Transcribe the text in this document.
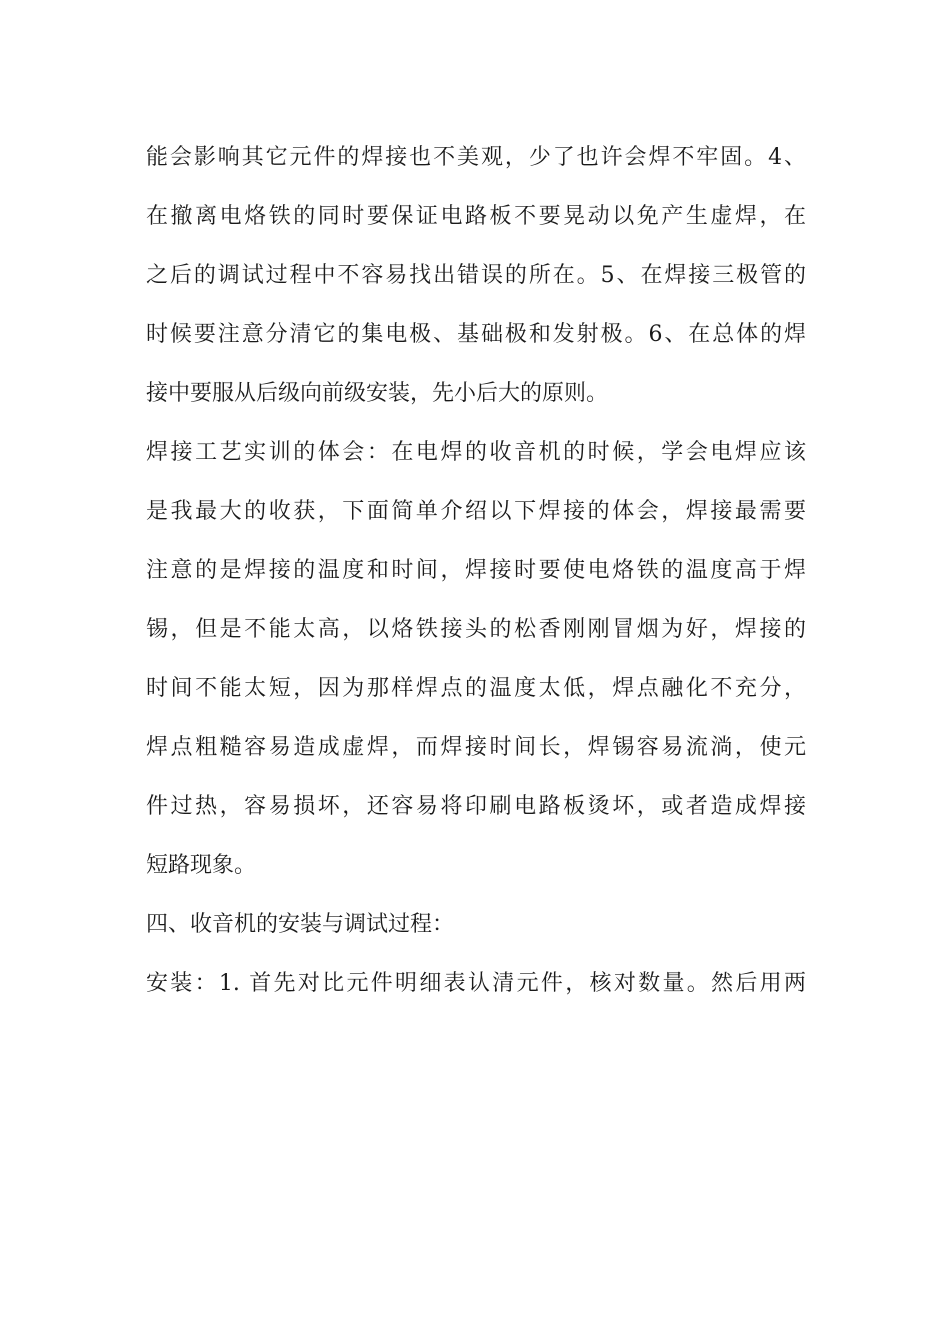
能会影响其它元件的焊接也不美观，少了也许会焊不牢固。4、
在撤离电烙铁的同时要保证电路板不要晃动以免产生虚焊，在
之后的调试过程中不容易找出错误的所在。5、在焊接三极管的
时候要注意分清它的集电极、基础极和发射极。6、在总体的焊
接中要服从后级向前级安装，先小后大的原则。
焊接工艺实训的体会：在电焊的收音机的时候，学会电焊应该
是我最大的收获，下面简单介绍以下焊接的体会，焊接最需要
注意的是焊接的温度和时间，焊接时要使电烙铁的温度高于焊
锡，但是不能太高，以烙铁接头的松香刚刚冒烟为好，焊接的
时间不能太短，因为那样焊点的温度太低，焊点融化不充分，
焊点粗糙容易造成虚焊，而焊接时间长，焊锡容易流淌，使元
件过热，容易损坏，还容易将印刷电路板烫坏，或者造成焊接
短路现象。
四、收音机的安装与调试过程：
安装：1. 首先对比元件明细表认清元件，核对数量。然后用两
